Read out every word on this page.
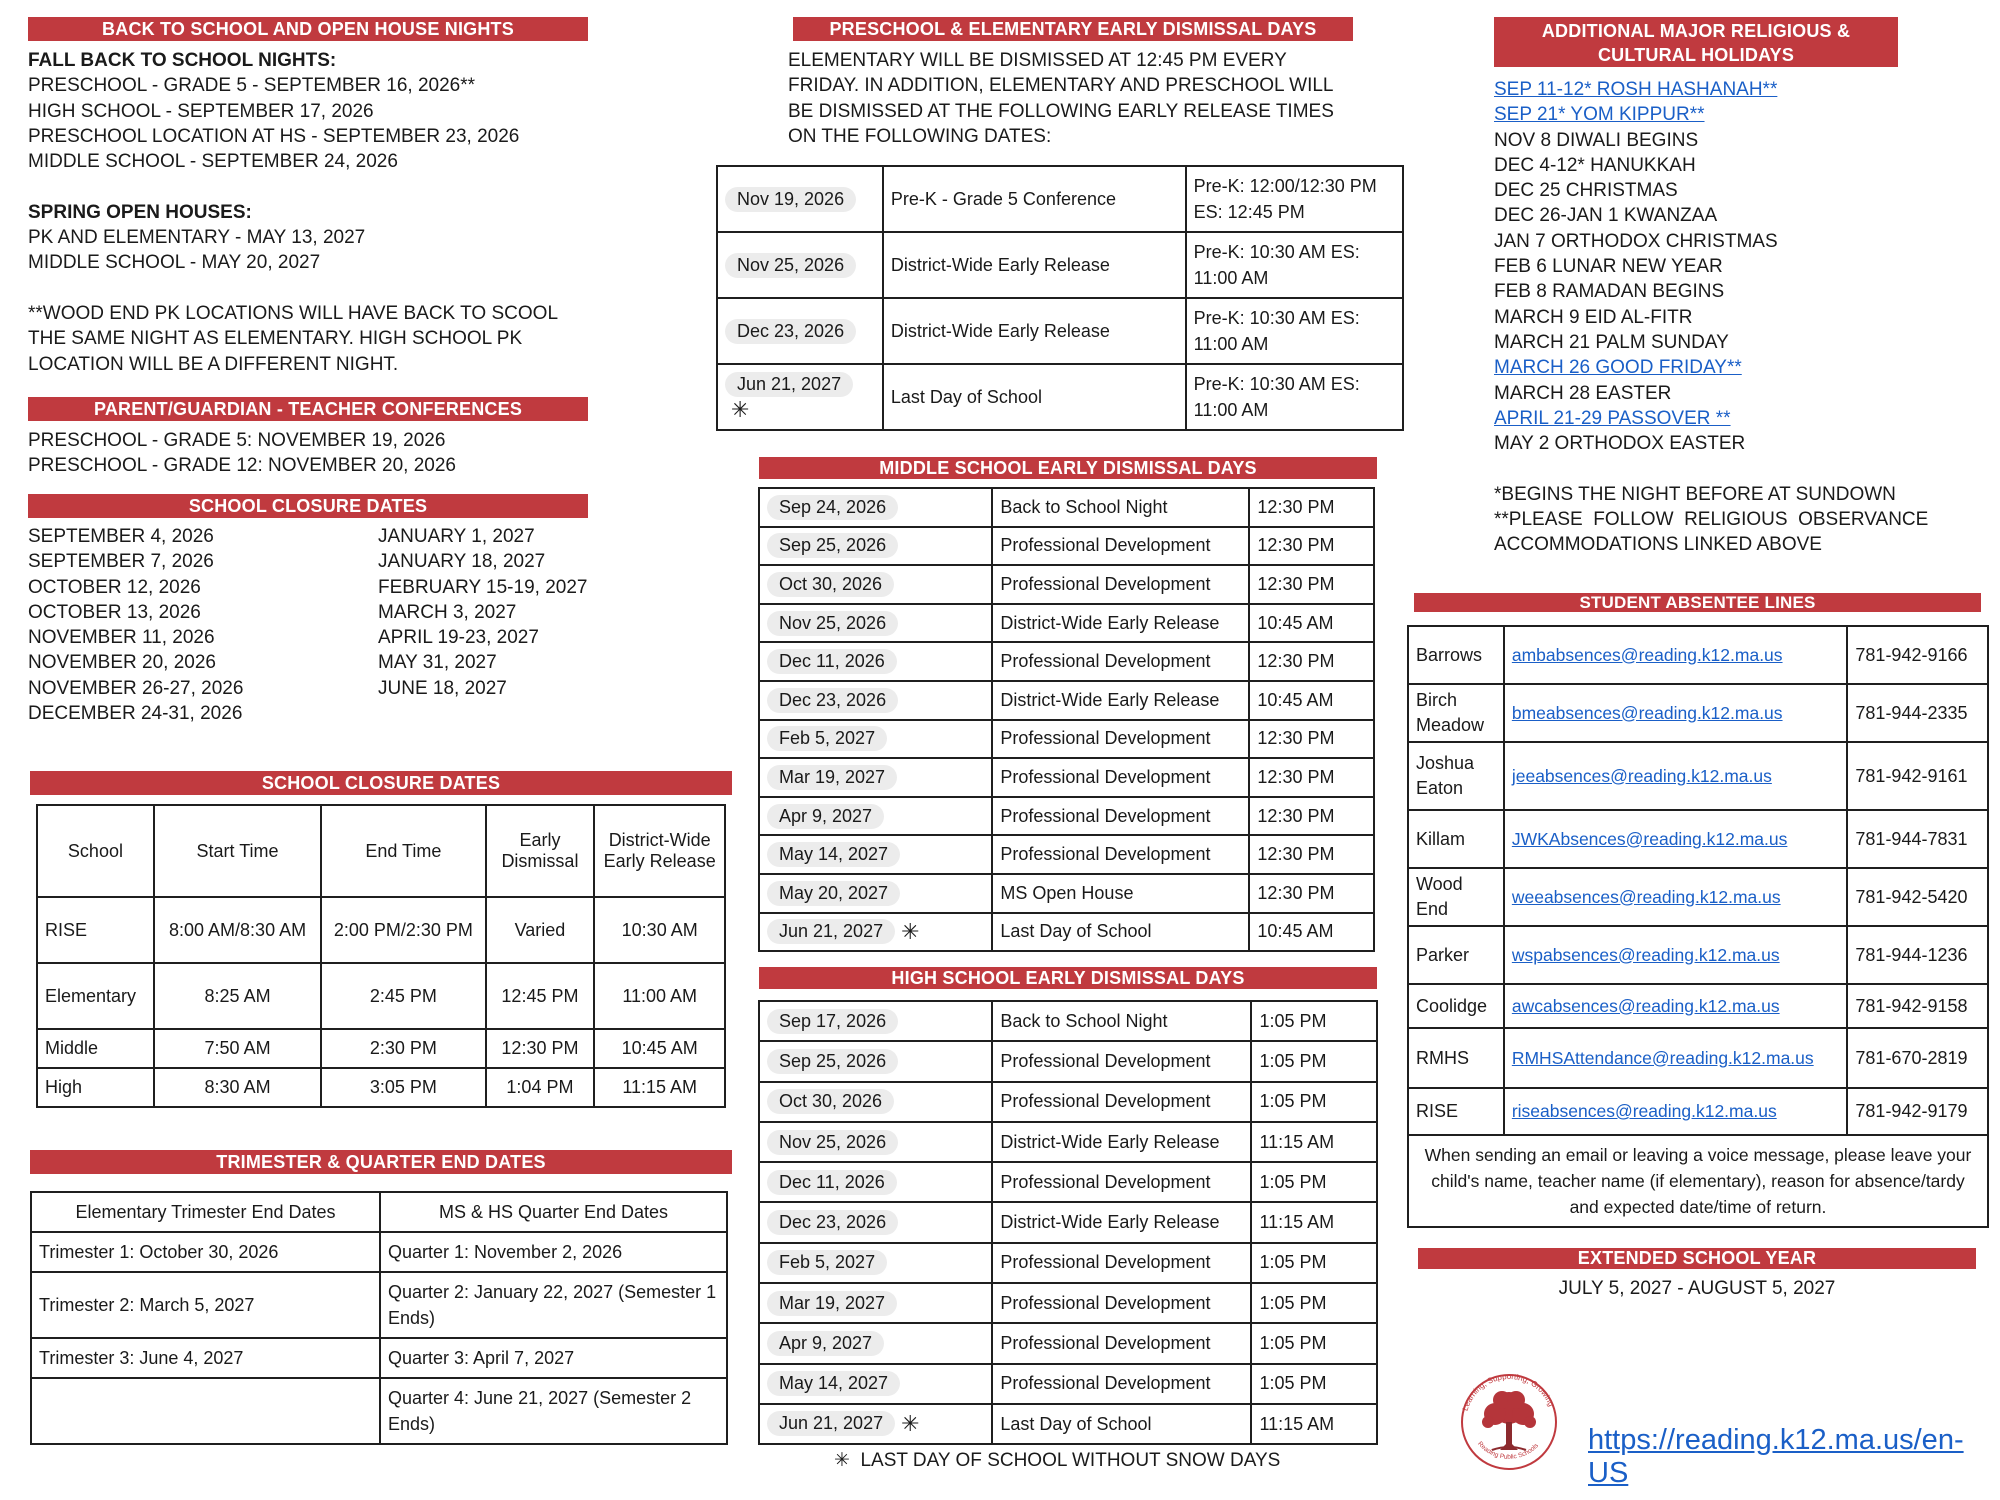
BACK TO SCHOOL AND OPEN HOUSE NIGHTS
FALL BACK TO SCHOOL NIGHTS:
PRESCHOOL - GRADE 5 - SEPTEMBER 16, 2026**
HIGH SCHOOL - SEPTEMBER 17, 2026
PRESCHOOL LOCATION AT HS - SEPTEMBER 23, 2026
MIDDLE SCHOOL - SEPTEMBER 24, 2026
SPRING OPEN HOUSES:
PK AND ELEMENTARY - MAY 13, 2027
MIDDLE SCHOOL - MAY 20, 2027
**WOOD END PK LOCATIONS WILL HAVE BACK TO SCOOL
THE SAME NIGHT AS ELEMENTARY. HIGH SCHOOL PK
LOCATION WILL BE A DIFFERENT NIGHT.
PARENT/GUARDIAN - TEACHER CONFERENCES
PRESCHOOL - GRADE 5: NOVEMBER 19, 2026
PRESCHOOL - GRADE 12: NOVEMBER 20, 2026
SCHOOL CLOSURE DATES
SEPTEMBER 4, 2026
SEPTEMBER 7, 2026
OCTOBER 12, 2026
OCTOBER 13, 2026
NOVEMBER 11, 2026
NOVEMBER 20, 2026
NOVEMBER 26-27, 2026
DECEMBER 24-31, 2026
JANUARY 1, 2027
JANUARY 18, 2027
FEBRUARY 15-19, 2027
MARCH 3, 2027
APRIL 19-23, 2027
MAY 31, 2027
JUNE 18, 2027
SCHOOL CLOSURE DATES
School	Start Time	End Time	Early Dismissal	District-Wide Early Release
RISE	8:00 AM/8:30 AM	2:00 PM/2:30 PM	Varied	10:30 AM
Elementary	8:25 AM	2:45 PM	12:45 PM	11:00 AM
Middle	7:50 AM	2:30 PM	12:30 PM	10:45 AM
High	8:30 AM	3:05 PM	1:04 PM	11:15 AM
TRIMESTER & QUARTER END DATES
Elementary Trimester End Dates	MS & HS Quarter End Dates
Trimester 1: October 30, 2026	Quarter 1: November 2, 2026
Trimester 2: March 5, 2027	Quarter 2: January 22, 2027 (Semester 1 Ends)
Trimester 3: June 4, 2027	Quarter 3: April 7, 2027
	Quarter 4: June 21, 2027 (Semester 2 Ends)
PRESCHOOL & ELEMENTARY EARLY DISMISSAL DAYS
ELEMENTARY WILL BE DISMISSED AT 12:45 PM EVERY
FRIDAY. IN ADDITION, ELEMENTARY AND PRESCHOOL WILL
BE DISMISSED AT THE FOLLOWING EARLY RELEASE TIMES
ON THE FOLLOWING DATES:
Nov 19, 2026	Pre-K - Grade 5 Conference	Pre-K: 12:00/12:30 PM ES: 12:45 PM
Nov 25, 2026	District-Wide Early Release	Pre-K: 10:30 AM ES: 11:00 AM
Dec 23, 2026	District-Wide Early Release	Pre-K: 10:30 AM ES: 11:00 AM
Jun 21, 2027✳	Last Day of School	Pre-K: 10:30 AM ES: 11:00 AM
MIDDLE SCHOOL EARLY DISMISSAL DAYS
Sep 24, 2026	Back to School Night	12:30 PM
Sep 25, 2026	Professional Development	12:30 PM
Oct 30, 2026	Professional Development	12:30 PM
Nov 25, 2026	District-Wide Early Release	10:45 AM
Dec 11, 2026	Professional Development	12:30 PM
Dec 23, 2026	District-Wide Early Release	10:45 AM
Feb 5, 2027	Professional Development	12:30 PM
Mar 19, 2027	Professional Development	12:30 PM
Apr 9, 2027	Professional Development	12:30 PM
May 14, 2027	Professional Development	12:30 PM
May 20, 2027	MS Open House	12:30 PM
Jun 21, 2027 ✳	Last Day of School	10:45 AM
HIGH SCHOOL EARLY DISMISSAL DAYS
Sep 17, 2026	Back to School Night	1:05 PM
Sep 25, 2026	Professional Development	1:05 PM
Oct 30, 2026	Professional Development	1:05 PM
Nov 25, 2026	District-Wide Early Release	11:15 AM
Dec 11, 2026	Professional Development	1:05 PM
Dec 23, 2026	District-Wide Early Release	11:15 AM
Feb 5, 2027	Professional Development	1:05 PM
Mar 19, 2027	Professional Development	1:05 PM
Apr 9, 2027	Professional Development	1:05 PM
May 14, 2027	Professional Development	1:05 PM
Jun 21, 2027 ✳	Last Day of School	11:15 AM
✳  LAST DAY OF SCHOOL WITHOUT SNOW DAYS
ADDITIONAL MAJOR RELIGIOUS & CULTURAL HOLIDAYS
SEP 11-12* ROSH HASHANAH**
SEP 21* YOM KIPPUR**
NOV 8 DIWALI BEGINS
DEC 4-12* HANUKKAH
DEC 25 CHRISTMAS
DEC 26-JAN 1 KWANZAA
JAN 7 ORTHODOX CHRISTMAS
FEB 6 LUNAR NEW YEAR
FEB 8 RAMADAN BEGINS
MARCH 9 EID AL-FITR
MARCH 21 PALM SUNDAY
MARCH 26 GOOD FRIDAY**
MARCH 28 EASTER
APRIL 21-29 PASSOVER **
MAY 2 ORTHODOX EASTER
*BEGINS THE NIGHT BEFORE AT SUNDOWN
**PLEASE  FOLLOW  RELIGIOUS  OBSERVANCE
ACCOMMODATIONS LINKED ABOVE
STUDENT ABSENTEE LINES
Barrows	ambabsences@reading.k12.ma.us	781-942-9166
Birch Meadow	bmeabsences@reading.k12.ma.us	781-944-2335
Joshua Eaton	jeeabsences@reading.k12.ma.us	781-942-9161
Killam	JWKAbsences@reading.k12.ma.us	781-944-7831
Wood End	weeabsences@reading.k12.ma.us	781-942-5420
Parker	wspabsences@reading.k12.ma.us	781-944-1236
Coolidge	awcabsences@reading.k12.ma.us	781-942-9158
RMHS	RMHSAttendance@reading.k12.ma.us	781-670-2819
RISE	riseabsences@reading.k12.ma.us	781-942-9179
When sending an email or leaving a voice message, please leave your child's name, teacher name (if elementary), reason for absence/tardy and expected date/time of return.		
EXTENDED SCHOOL YEAR
JULY 5, 2027 - AUGUST 5, 2027
Learning, Supporting, Growing
Reading Public Schools https://reading.k12.ma.us/en-US
